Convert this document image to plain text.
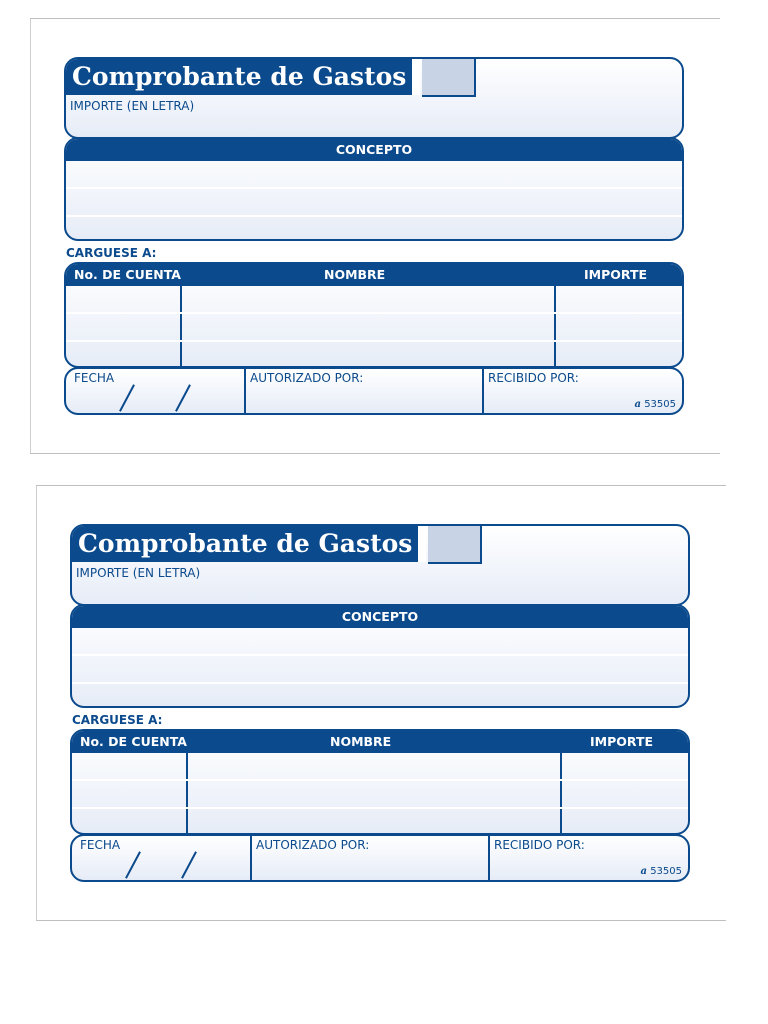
Comprobante de Gastos
IMPORTE (EN LETRA)
CONCEPTO
CARGUESE A:
No. DE CUENTA	NOMBRE	IMPORTE
FECHA	AUTORIZADO POR:	RECIBIDO POR:
a 53505
Comprobante de Gastos
IMPORTE (EN LETRA)
CONCEPTO
CARGUESE A:
No. DE CUENTA	NOMBRE	IMPORTE
FECHA	AUTORIZADO POR:	RECIBIDO POR:
a 53505
